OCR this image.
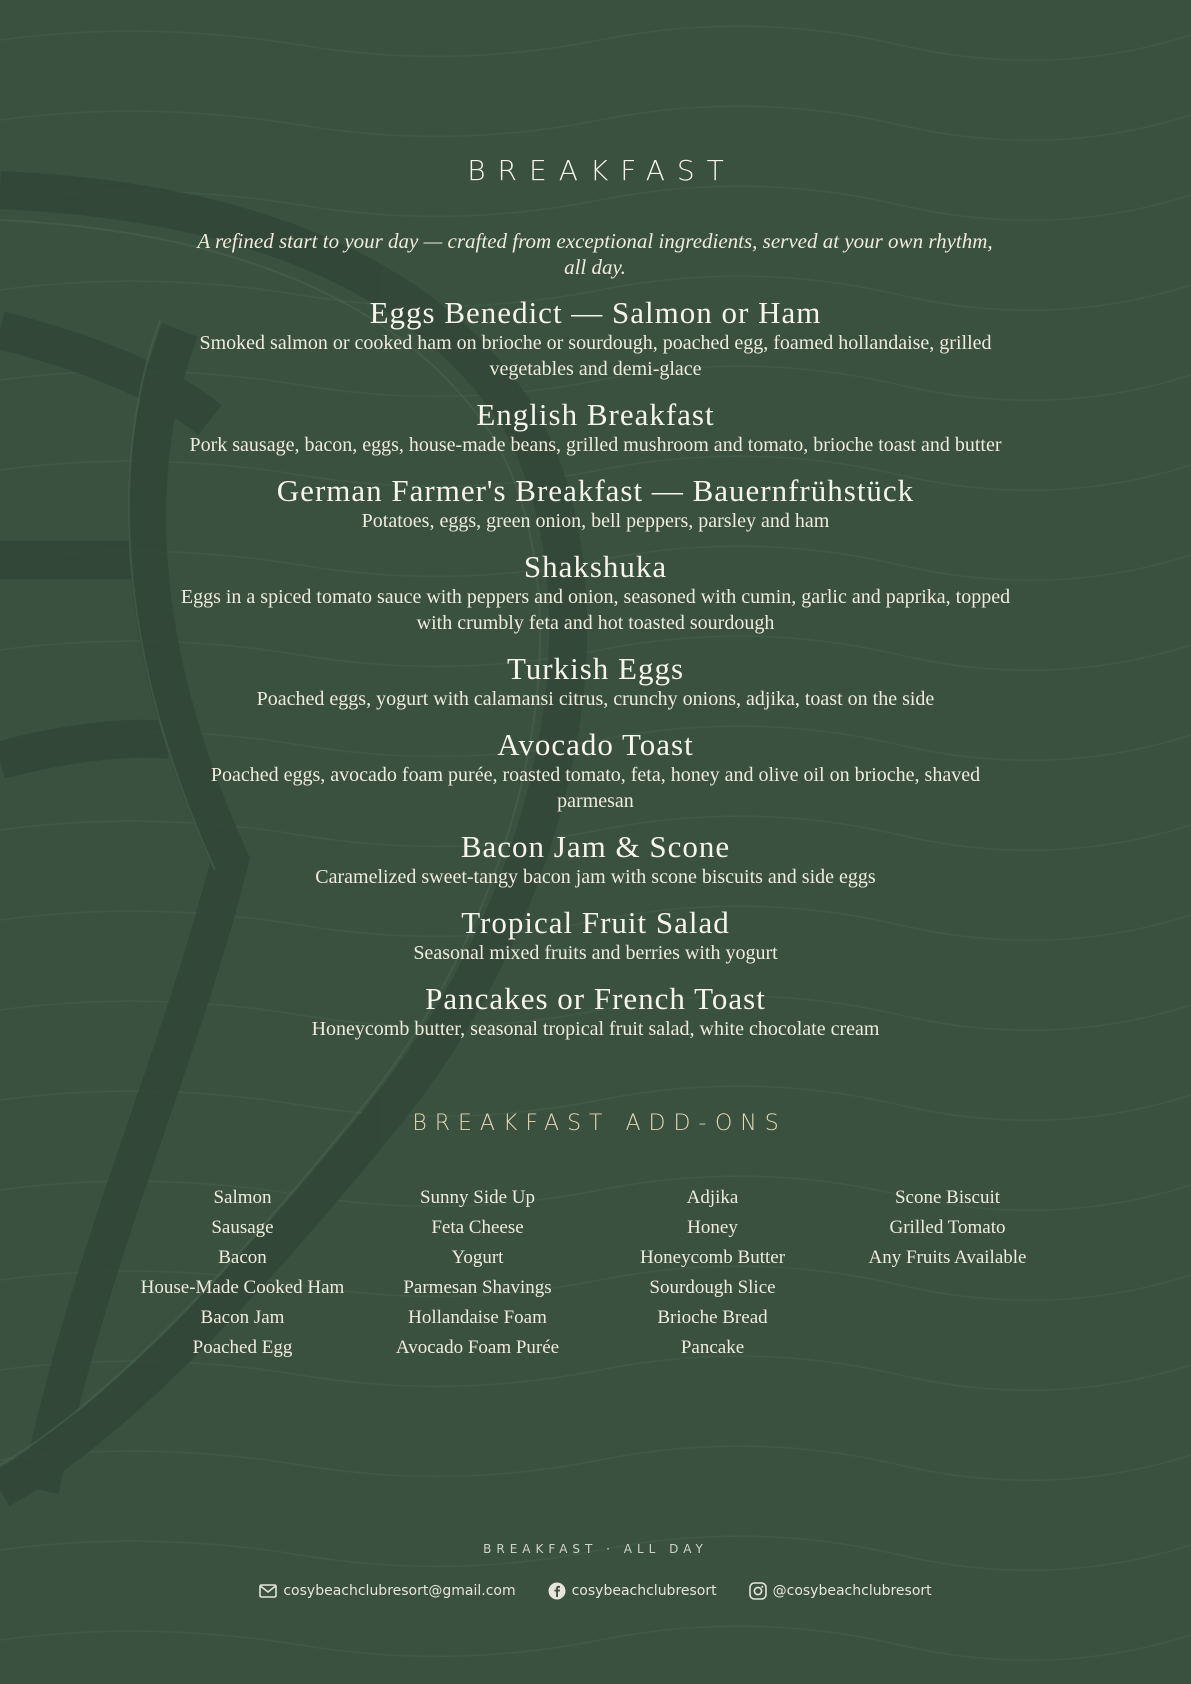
BREAKFAST
A refined start to your day — crafted from exceptional ingredients, served at your own rhythm, all day.
Eggs Benedict — Salmon or Ham
Smoked salmon or cooked ham on brioche or sourdough, poached egg, foamed hollandaise, grilled vegetables and demi-glace
English Breakfast
Pork sausage, bacon, eggs, house-made beans, grilled mushroom and tomato, brioche toast and butter
German Farmer's Breakfast — Bauernfrühstück
Potatoes, eggs, green onion, bell peppers, parsley and ham
Shakshuka
Eggs in a spiced tomato sauce with peppers and onion, seasoned with cumin, garlic and paprika, topped with crumbly feta and hot toasted sourdough
Turkish Eggs
Poached eggs, yogurt with calamansi citrus, crunchy onions, adjika, toast on the side
Avocado Toast
Poached eggs, avocado foam purée, roasted tomato, feta, honey and olive oil on brioche, shaved parmesan
Bacon Jam & Scone
Caramelized sweet-tangy bacon jam with scone biscuits and side eggs
Tropical Fruit Salad
Seasonal mixed fruits and berries with yogurt
Pancakes or French Toast
Honeycomb butter, seasonal tropical fruit salad, white chocolate cream
BREAKFAST ADD-ONS
Salmon
Sausage
Bacon
House-Made Cooked Ham
Bacon Jam
Poached Egg
Sunny Side Up
Feta Cheese
Yogurt
Parmesan Shavings
Hollandaise Foam
Avocado Foam Purée
Adjika
Honey
Honeycomb Butter
Sourdough Slice
Brioche Bread
Pancake
Scone Biscuit
Grilled Tomato
Any Fruits Available
BREAKFAST · ALL DAY
cosybeachclubresort@gmail.com	cosybeachclubresort	@cosybeachclubresort
